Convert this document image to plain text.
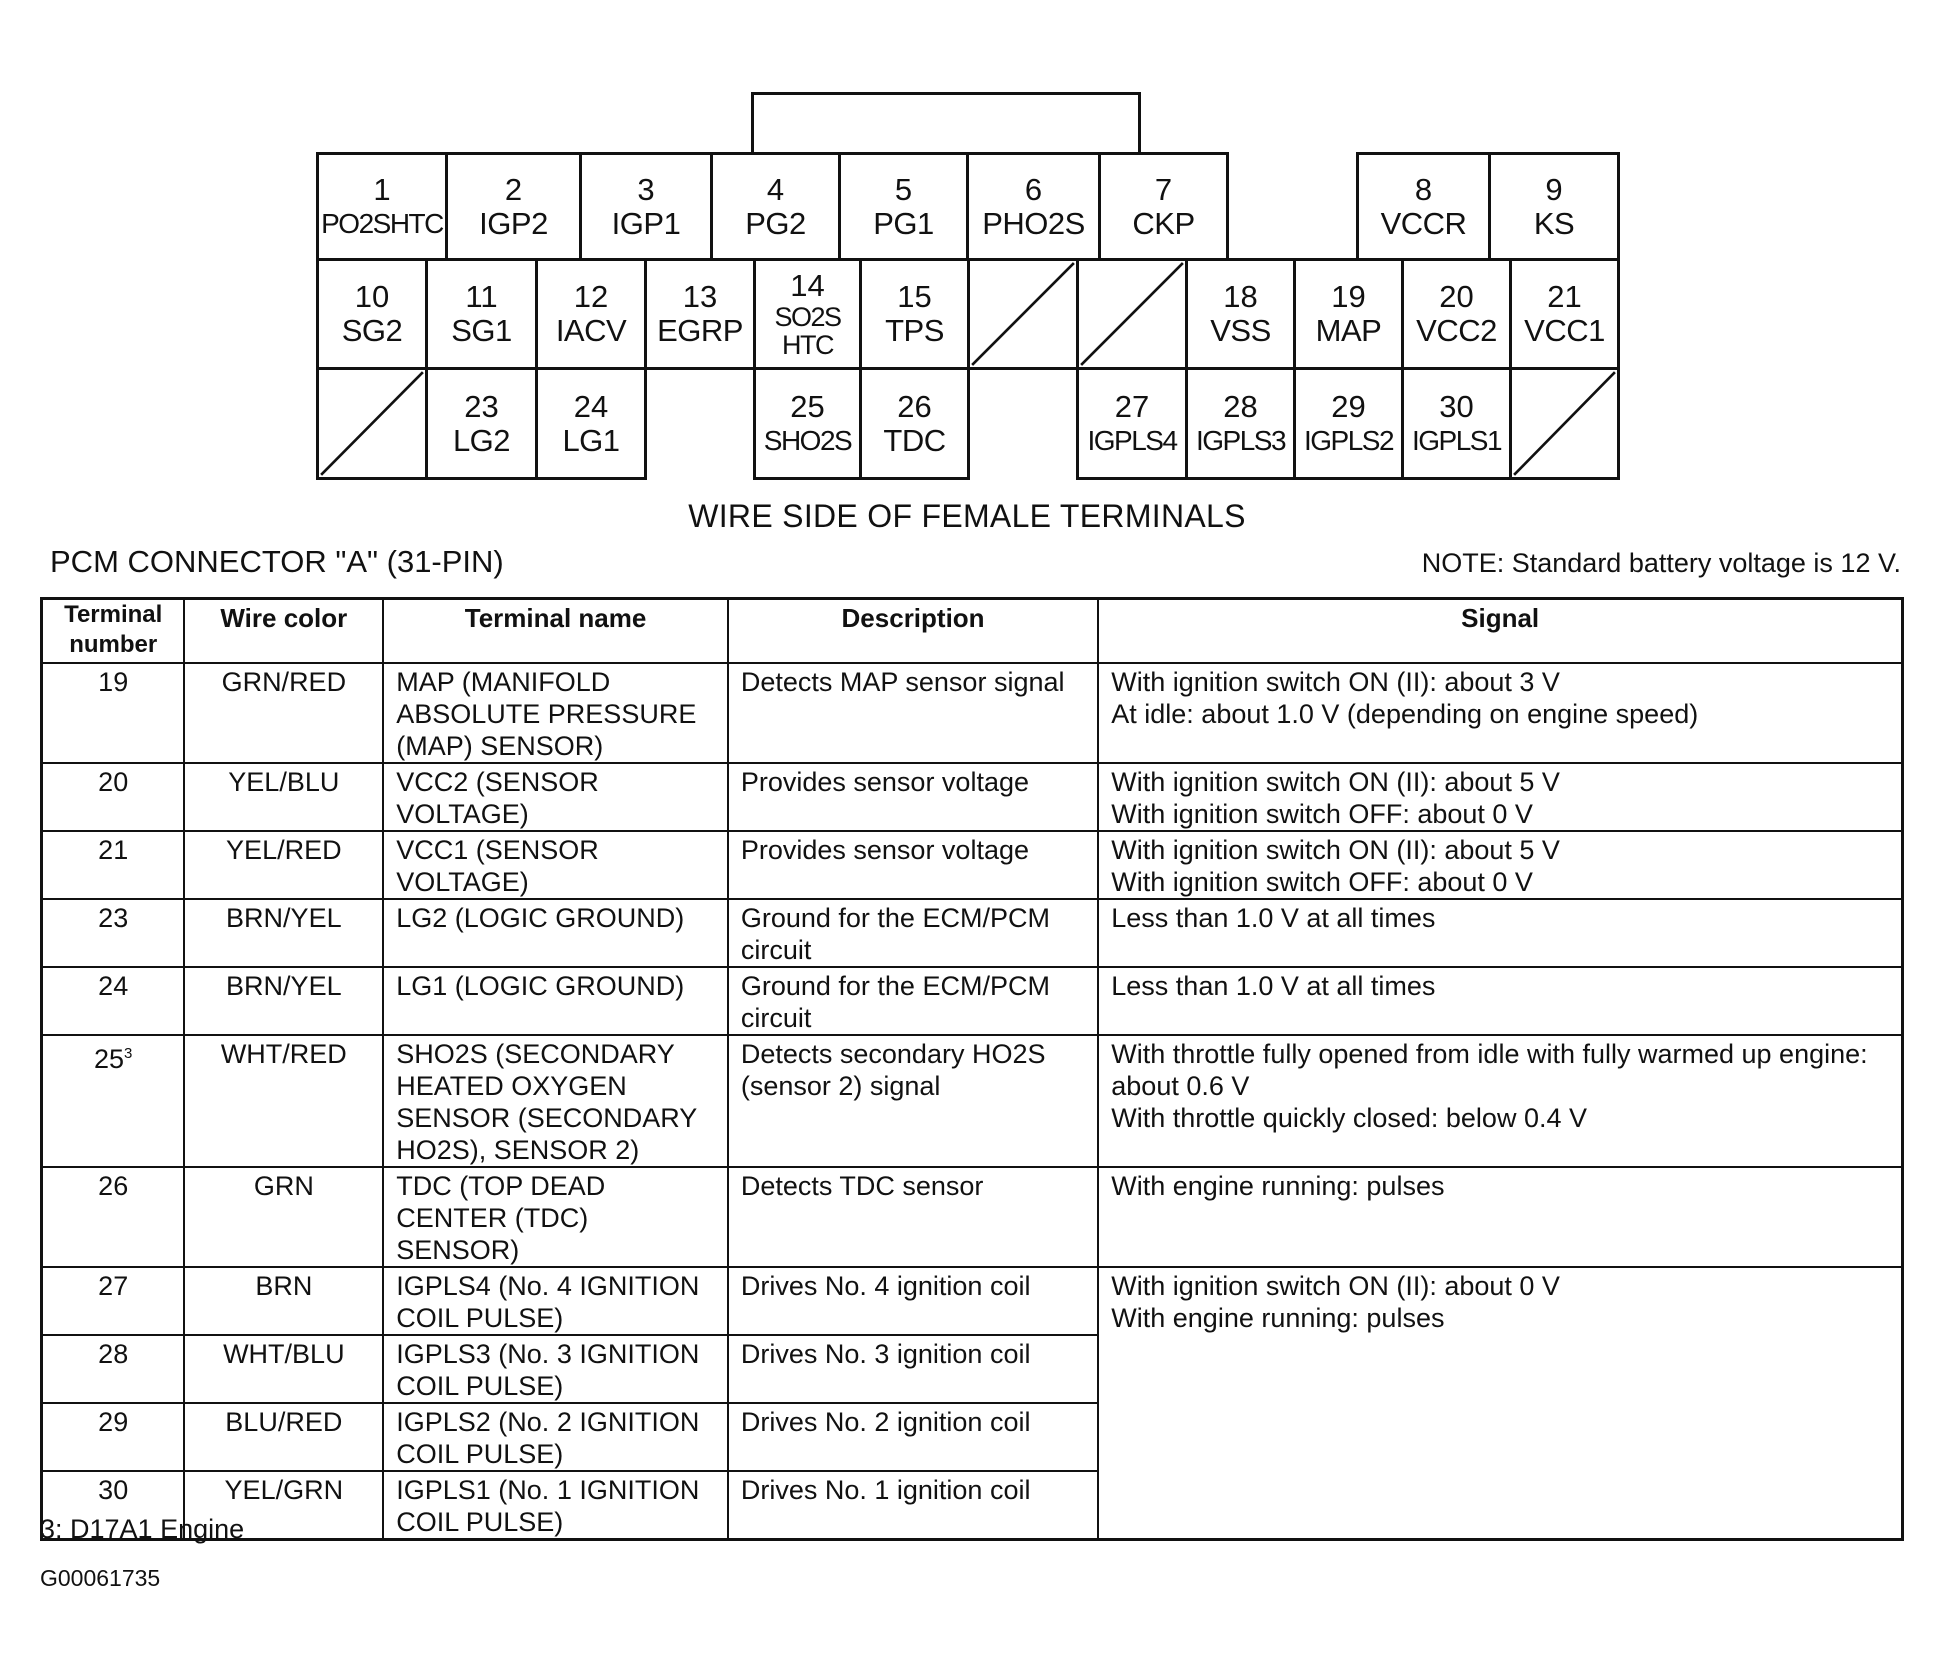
1
PO2SHTC
2
IGP2
3
IGP1
4
PG2
5
PG1
6
PHO2S
7
CKP
8
VCCR
9
KS
10
SG2
11
SG1
12
IACV
13
EGRP
14
SO2S
HTC
15
TPS
18
VSS
19
MAP
20
VCC2
21
VCC1
23
LG2
24
LG1
25
SHO2S
26
TDC
27
IGPLS4
28
IGPLS3
29
IGPLS2
30
IGPLS1
WIRE SIDE OF FEMALE TERMINALS
PCM CONNECTOR "A" (31-PIN)	NOTE: Standard battery voltage is 12 V.
Terminal number	Wire color	Terminal name	Description	Signal
19	GRN/RED	MAP (MANIFOLD ABSOLUTE PRESSURE (MAP) SENSOR)	Detects MAP sensor signal	With ignition switch ON (II): about 3 V
At idle: about 1.0 V (depending on engine speed)

20	YEL/BLU	VCC2 (SENSOR VOLTAGE)	Provides sensor voltage	With ignition switch ON (II): about 5 V
With ignition switch OFF: about 0 V

21	YEL/RED	VCC1 (SENSOR VOLTAGE)	Provides sensor voltage	With ignition switch ON (II): about 5 V
With ignition switch OFF: about 0 V

23	BRN/YEL	LG2 (LOGIC GROUND)	Ground for the ECM/PCM circuit	Less than 1.0 V at all times

24	BRN/YEL	LG1 (LOGIC GROUND)	Ground for the ECM/PCM circuit	Less than 1.0 V at all times

$25^3$	WHT/RED	SHO2S (SECONDARY HEATED OXYGEN SENSOR (SECONDARY HO2S), SENSOR 2)	Detects secondary HO2S (sensor 2) signal	With throttle fully opened from idle with fully warmed up engine: about 0.6 V
With throttle quickly closed: below 0.4 V

26	GRN	TDC (TOP DEAD CENTER (TDC) SENSOR)	Detects TDC sensor	With engine running: pulses

27	BRN	IGPLS4 (No. 4 IGNITION COIL PULSE)	Drives No. 4 ignition coil	With ignition switch ON (II): about 0 V
With engine running: pulses

28	WHT/BLU	IGPLS3 (No. 3 IGNITION COIL PULSE)	Drives No. 3 ignition coil	
29	BLU/RED	IGPLS2 (No. 2 IGNITION COIL PULSE)	Drives No. 2 ignition coil	
30	YEL/GRN	IGPLS1 (No. 1 IGNITION COIL PULSE)	Drives No. 1 ignition coil	
3: D17A1 Engine
G00061735
